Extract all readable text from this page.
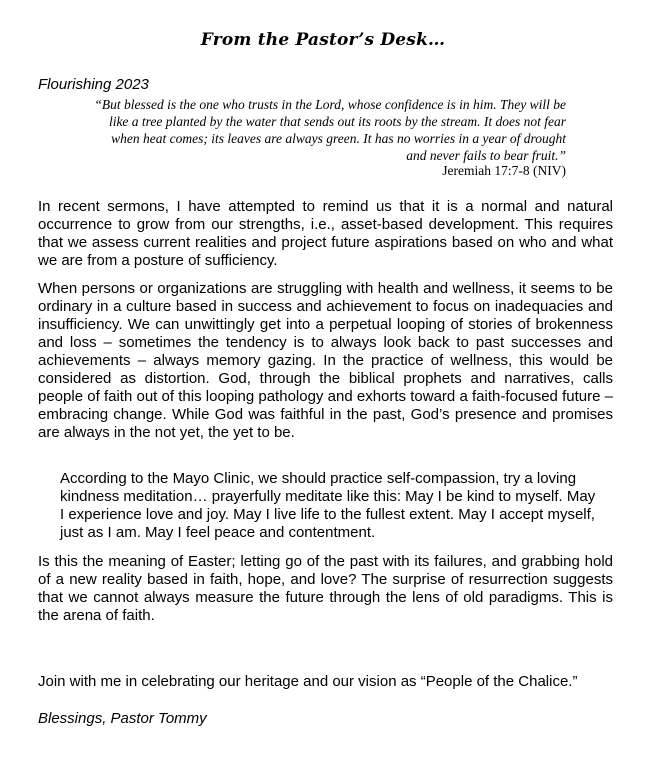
From the Pastor’s Desk…
Flourishing 2023

“But blessed is the one who trusts in the Lord, whose confidence is in him. They will be like a tree planted by the water that sends out its roots by the stream. It does not fear when heat comes; its leaves are always green. It has no worries in a year of drought and never fails to bear fruit.”

Jeremiah 17:7-8 (NIV)

In recent sermons, I have attempted to remind us that it is a normal and natural occurrence to grow from our strengths, i.e., asset-based development. This requires that we assess current realities and project future aspirations based on who and what we are from a posture of sufficiency.

When persons or organizations are struggling with health and wellness, it seems to be ordinary in a culture based in success and achievement to focus on inadequacies and insufficiency. We can unwittingly get into a perpetual looping of stories of brokenness and loss – sometimes the tendency is to always look back to past successes and achievements – always memory gazing. In the practice of wellness, this would be considered as distortion. God, through the biblical prophets and narratives, calls people of faith out of this looping pathology and exhorts toward a faith-focused future – embracing change. While God was faithful in the past, God’s presence and promises are always in the not yet, the yet to be.

According to the Mayo Clinic, we should practice self-compassion, try a loving kindness meditation… prayerfully meditate like this: May I be kind to myself. May I experience love and joy. May I live life to the fullest extent. May I accept myself, just as I am. May I feel peace and contentment.

Is this the meaning of Easter; letting go of the past with its failures, and grabbing hold of a new reality based in faith, hope, and love? The surprise of resurrection suggests that we cannot always measure the future through the lens of old paradigms. This is the arena of faith.

Join with me in celebrating our heritage and our vision as “People of the Chalice.”

Blessings, Pastor Tommy
